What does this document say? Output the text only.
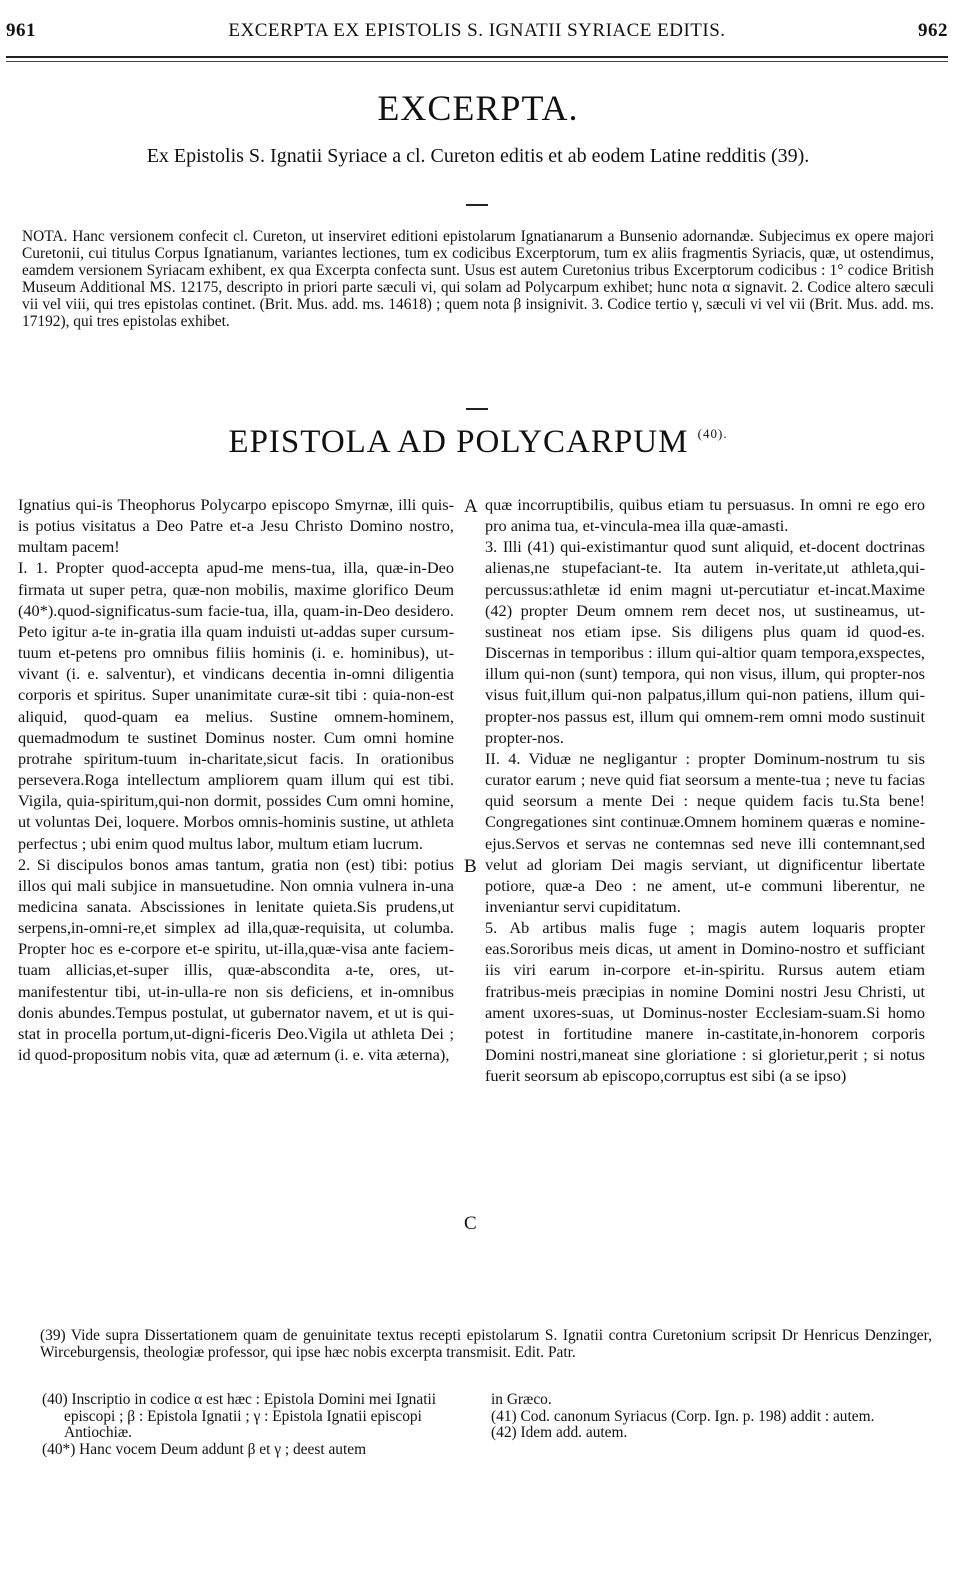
961	EXCERPTA EX EPISTOLIS S. IGNATII SYRIACE EDITIS.	962
EXCERPTA.
Ex Epistolis S. Ignatii Syriace a cl. Cureton editis et ab eodem Latine redditis (39).
NOTA. Hanc versionem confecit cl. Cureton, ut inserviret editioni epistolarum Ignatianarum a Bunsenio adornandæ. Subjecimus ex opere majori Curetonii, cui titulus Corpus Ignatianum, variantes lectiones, tum ex codicibus Excerptorum, tum ex aliis fragmentis Syriacis, quæ, ut ostendimus, eamdem versionem Syriacam exhibent, ex qua Excerpta confecta sunt. Usus est autem Curetonius tribus Excerptorum codicibus : 1° codice British Museum Additional MS. 12175, descripto in priori parte sæculi vi, qui solam ad Polycarpum exhibet; hunc nota α signavit. 2. Codice altero sæculi vii vel viii, qui tres epistolas continet. (Brit. Mus. add. ms. 14618) ; quem nota β insignivit. 3. Codice tertio γ, sæculi vi vel vii (Brit. Mus. add. ms. 17192), qui tres epistolas exhibet.
EPISTOLA AD POLYCARPUM $^{(40).}$

Ignatius qui-is Theophorus Polycarpo episcopo Smyrnæ, illi quis-is potius visitatus a Deo Patre et-a Jesu Christo Domino nostro, multam pacem!

I. 1. Propter quod-accepta apud-me mens-tua, illa, quæ-in-Deo firmata ut super petra, quæ-non mobilis, maxime glorifico Deum (40*).quod-significatus-sum facie-tua, illa, quam-in-Deo desidero. Peto igitur a-te in-gratia illa quam induisti ut-addas super cursum-tuum et-petens pro omnibus filiis hominis (i. e. hominibus), ut-vivant (i. e. salventur), et vindicans decentia in-omni diligentia corporis et spiritus. Super unanimitate curæ-sit tibi : quia-non-est aliquid, quod-quam ea melius. Sustine omnem-hominem, quemadmodum te sustinet Dominus noster. Cum omni homine protrahe spiritum-tuum in-charitate,sicut facis. In orationibus persevera.Roga intellectum ampliorem quam illum qui est tibi. Vigila, quia-spiritum,qui-non dormit, possides Cum omni homine, ut voluntas Dei, loquere. Morbos omnis-hominis sustine, ut athleta perfectus ; ubi enim quod multus labor, multum etiam lucrum.

2. Si discipulos bonos amas tantum, gratia non (est) tibi: potius illos qui mali subjice in mansuetudine. Non omnia vulnera in-una medicina sanata. Abscissiones in lenitate quieta.Sis prudens,ut serpens,in-omni-re,et simplex ad illa,quæ-requisita, ut columba. Propter hoc es e-corpore et-e spiritu, ut-illa,quæ-visa ante faciem-tuam allicias,et-super illis, quæ-abscondita a-te, ores, ut-manifestentur tibi, ut-in-ulla-re non sis deficiens, et in-omnibus donis abundes.Tempus postulat, ut gubernator navem, et ut is qui-stat in procella portum,ut-digni-ficeris Deo.Vigila ut athleta Dei ; id quod-propositum nobis vita, quæ ad æternum (i. e. vita æterna),

A
B
C

quæ incorruptibilis, quibus etiam tu persuasus. In omni re ego ero pro anima tua, et-vincula-mea illa quæ-amasti.

3. Illi (41) qui-existimantur quod sunt aliquid, et-docent doctrinas alienas,ne stupefaciant-te. Ita autem in-veritate,ut athleta,qui-percussus:athletæ id enim magni ut-percutiatur et-incat.Maxime (42) propter Deum omnem rem decet nos, ut sustineamus, ut-sustineat nos etiam ipse. Sis diligens plus quam id quod-es. Discernas in temporibus : illum qui-altior quam tempora,exspectes, illum qui-non (sunt) tempora, qui non visus, illum, qui propter-nos visus fuit,illum qui-non palpatus,illum qui-non patiens, illum qui-propter-nos passus est, illum qui omnem-rem omni modo sustinuit propter-nos.

II. 4. Viduæ ne negligantur : propter Dominum-nostrum tu sis curator earum ; neve quid fiat seorsum a mente-tua ; neve tu facias quid seorsum a mente Dei : neque quidem facis tu.Sta bene! Congregationes sint continuæ.Omnem hominem quæras e nomine-ejus.Servos et servas ne contemnas sed neve illi contemnant,sed velut ad gloriam Dei magis serviant, ut dignificentur libertate potiore, quæ-a Deo : ne ament, ut-e communi liberentur, ne inveniantur servi cupiditatum.

5. Ab artibus malis fuge ; magis autem loquaris propter eas.Sororibus meis dicas, ut ament in Domino-nostro et sufficiant iis viri earum in-corpore et-in-spiritu. Rursus autem etiam fratribus-meis præcipias in nomine Domini nostri Jesu Christi, ut ament uxores-suas, ut Dominus-noster Ecclesiam-suam.Si homo potest in fortitudine manere in-castitate,in-honorem corporis Domini nostri,maneat sine gloriatione : si glorietur,perit ; si notus fuerit seorsum ab episcopo,corruptus est sibi (a se ipso)

(39) Vide supra Dissertationem quam de genuinitate textus recepti epistolarum S. Ignatii contra Curetonium scripsit Dr Henricus Denzinger, Wirceburgensis, theologiæ professor, qui ipse hæc nobis excerpta transmisit. Edit. Patr.

(40) Inscriptio in codice α est hæc : Epistola Domini mei Ignatii episcopi ; β : Epistola Ignatii ; γ : Epistola Ignatii episcopi Antiochiæ.

(40*) Hanc vocem Deum addunt β et γ ; deest autem

in Græco.

(41) Cod. canonum Syriacus (Corp. Ign. p. 198) addit : autem.

(42) Idem add. autem.
